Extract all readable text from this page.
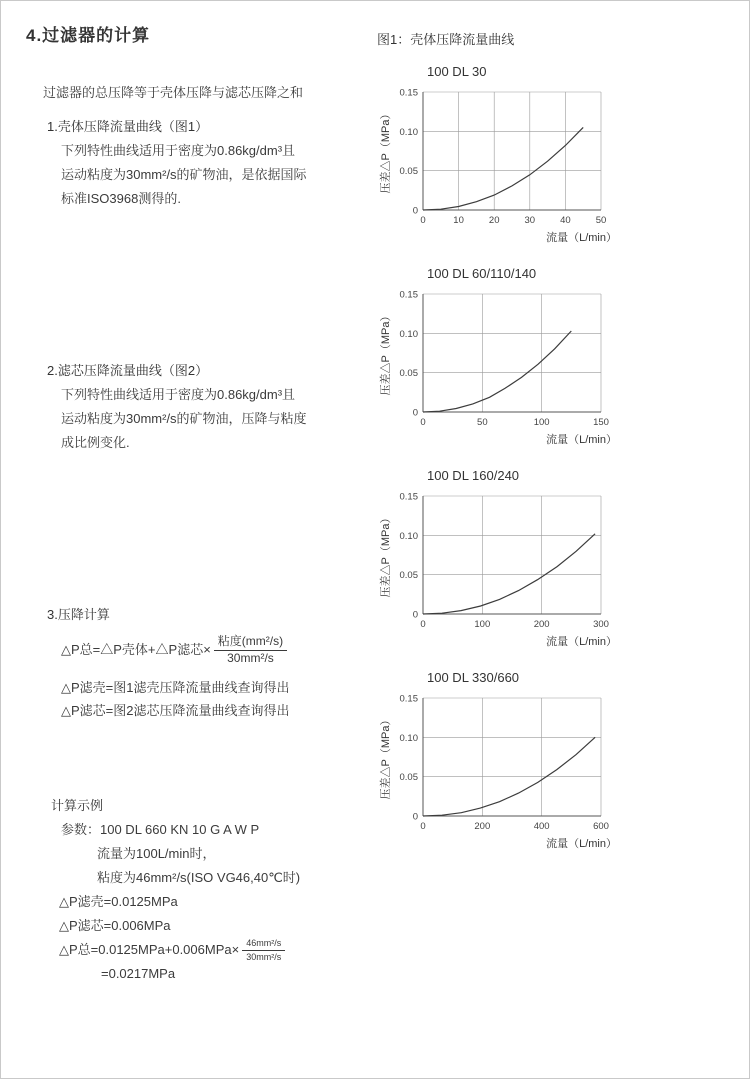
4.过滤器的计算
过滤器的总压降等于壳体压降与滤芯压降之和
1.壳体压降流量曲线（图1）
下列特性曲线适用于密度为0.86kg/dm³且
运动粘度为30mm²/s的矿物油，是依据国际
标准ISO3968测得的.
2.滤芯压降流量曲线（图2）
下列特性曲线适用于密度为0.86kg/dm³且
运动粘度为30mm²/s的矿物油，压降与粘度
成比例变化.
3.压降计算
△P总=△P壳体+△P滤芯× $\frac{\text{粘度(mm²/s)}}{\text{30mm²/s}}$
△P滤壳=图1滤壳压降流量曲线查询得出
△P滤芯=图2滤芯压降流量曲线查询得出
计算示例
参数：100 DL 660 KN 10 G A W P
流量为100L/min时，
粘度为46mm²/s(ISO VG46,40℃时)
△P滤壳=0.0125MPa
△P滤芯=0.006MPa
△P总$=0.0125MPa+0.006MPa\times \frac{\text{46mm²/s}}{\text{30mm²/s}}$
=0.0217MPa
图1：壳体压降流量曲线
100 DL 30
0
0.05
0.10
0.15
0	10	20	30	40	50
压差△P（MPa）
流量（L/min）
100 DL 60/110/140
0
0.05
0.10
0.15
0	50	100	150
压差△P（MPa）
流量（L/min）
100 DL 160/240
0
0.05
0.10
0.15
0	100	200	300
压差△P（MPa）
流量（L/min）
100 DL 330/660
0
0.05
0.10
0.15
0	200	400	600
压差△P（MPa）
流量（L/min）
